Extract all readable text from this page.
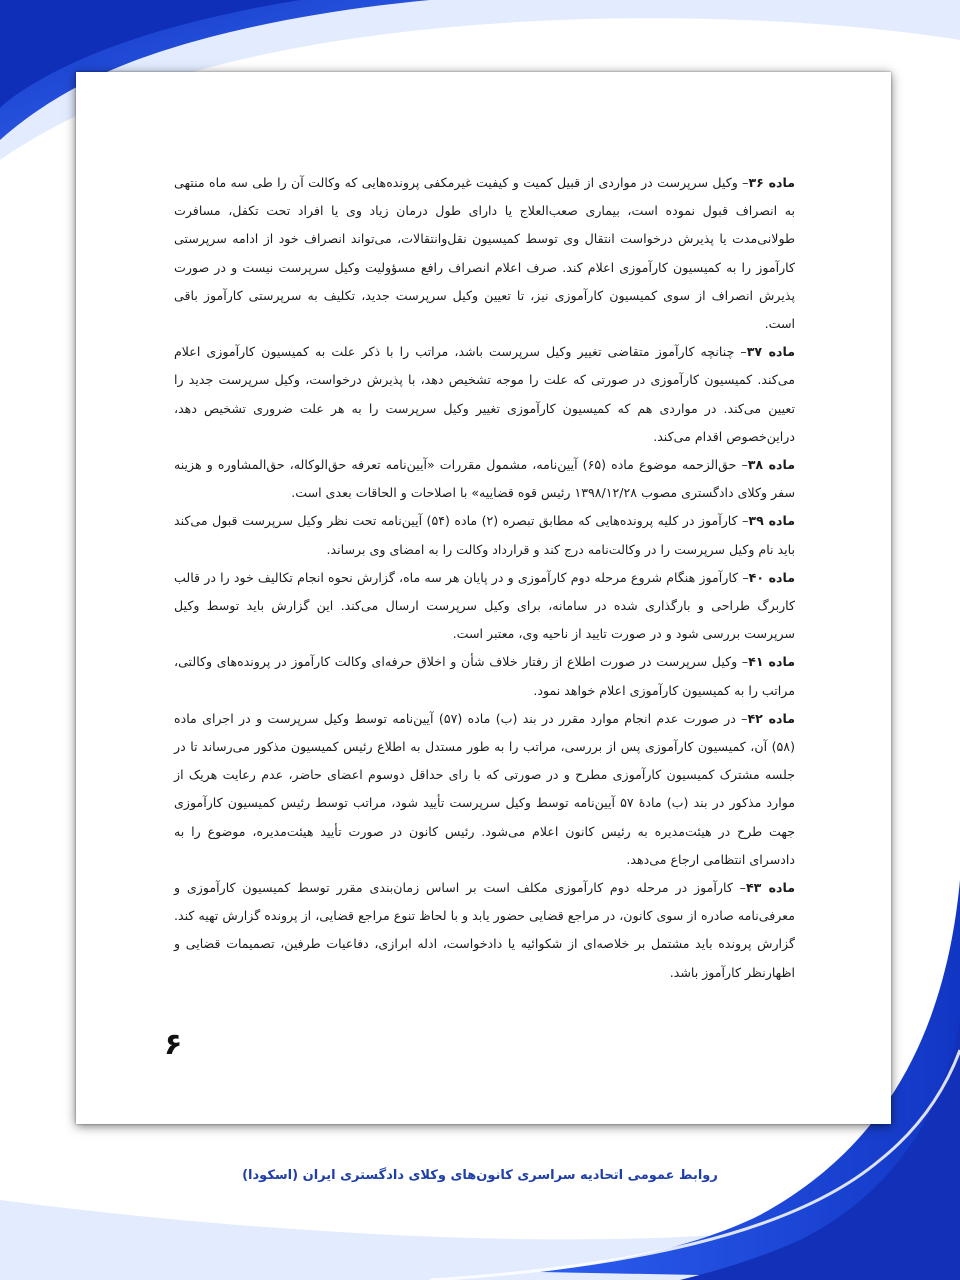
ماده ۳۶– وکیل سرپرست در مواردی از قبیل کمیت و کیفیت غیرمکفی پرونده‌هایی که وکالت آن را طی سه ماه منتهی به انصراف قبول نموده است، بیماری صعب‌العلاج یا دارای طول درمان زیاد وی یا افراد تحت تکفل، مسافرت طولانی‌مدت یا پذیرش درخواست انتقال وی توسط کمیسیون نقل‌وانتقالات، می‌تواند انصراف خود از ادامه سرپرستی کارآموز را به کمیسیون کارآموزی اعلام کند. صرف اعلام انصراف رافع مسؤولیت وکیل سرپرست نیست و در صورت پذیرش انصراف از سوی کمیسیون کارآموزی نیز، تا تعیین وکیل سرپرست جدید، تکلیف به سرپرستی کارآموز باقی است.

ماده ۳۷– چنانچه کارآموز متقاضی تغییر وکیل سرپرست باشد، مراتب را با ذکر علت به کمیسیون کارآموزی اعلام می‌کند. کمیسیون کارآموزی در صورتی که علت را موجه تشخیص دهد، با پذیرش درخواست، وکیل سرپرست جدید را تعیین می‌کند. در مواردی هم که کمیسیون کارآموزی تغییر وکیل سرپرست را به هر علت ضروری تشخیص دهد، دراین‌خصوص اقدام می‌کند.

ماده ۳۸– حق‌الزحمه موضوع ماده (۶۵) آیین‌نامه، مشمول مقررات «آیین‌نامه تعرفه حق‌الوکاله، حق‌المشاوره و هزینه سفر وکلای دادگستری مصوب ۱۳۹۸/۱۲/۲۸ رئیس قوه قضاییه» با اصلاحات و الحاقات بعدی است.

ماده ۳۹– کارآموز در کلیه پرونده‌هایی که مطابق تبصره (۲) ماده (۵۴) آیین‌نامه تحت نظر وکیل سرپرست قبول می‌کند باید نام وکیل سرپرست را در وکالت‌نامه درج کند و قرارداد وکالت را به امضای وی برساند.

ماده ۴۰– کارآموز هنگام شروع مرحله دوم کارآموزی و در پایان هر سه ماه، گزارش نحوه انجام تکالیف خود را در قالب کاربرگ طراحی و بارگذاری شده در سامانه، برای وکیل سرپرست ارسال می‌کند. این گزارش باید توسط وکیل سرپرست بررسی شود و در صورت تایید از ناحیه وی، معتبر است.

ماده ۴۱– وکیل سرپرست در صورت اطلاع از رفتار خلاف شأن و اخلاق حرفه‌ای وکالت کارآموز در پرونده‌های وکالتی، مراتب را به کمیسیون کارآموزی اعلام خواهد نمود.

ماده ۴۲– در صورت عدم انجام موارد مقرر در بند (ب) ماده (۵۷) آیین‌نامه توسط وکیل سرپرست و در اجرای ماده (۵۸) آن، کمیسیون کارآموزی پس از بررسی، مراتب را به طور مستدل به اطلاع رئیس کمیسیون مذکور می‌رساند تا در جلسه مشترک کمیسیون کارآموزی مطرح و در صورتی که با رای حداقل دوسوم اعضای حاضر، عدم رعایت هریک از موارد مذکور در بند (ب) مادهٔ ۵۷ آیین‌نامه توسط وکیل سرپرست تأیید شود، مراتب توسط رئیس کمیسیون کارآموزی جهت طرح در هیئت‌مدیره به رئیس کانون اعلام می‌شود. رئیس کانون در صورت تأیید هیئت‌مدیره، موضوع را به دادسرای انتظامی ارجاع می‌دهد.

ماده ۴۳– کارآموز در مرحله دوم کارآموزی مکلف است بر اساس زمان‌بندی مقرر توسط کمیسیون کارآموزی و معرفی‌نامه صادره از سوی کانون، در مراجع قضایی حضور یابد و با لحاظ تنوع مراجع قضایی، از پرونده گزارش تهیه کند. گزارش پرونده باید مشتمل بر خلاصه‌ای از شکوائیه یا دادخواست، ادله ابرازی، دفاعیات طرفین، تصمیمات قضایی و اظهارنظر کارآموز باشد.

۶
روابط عمومی اتحادیه سراسری کانون‌های وکلای دادگستری ایران (اسکودا)
